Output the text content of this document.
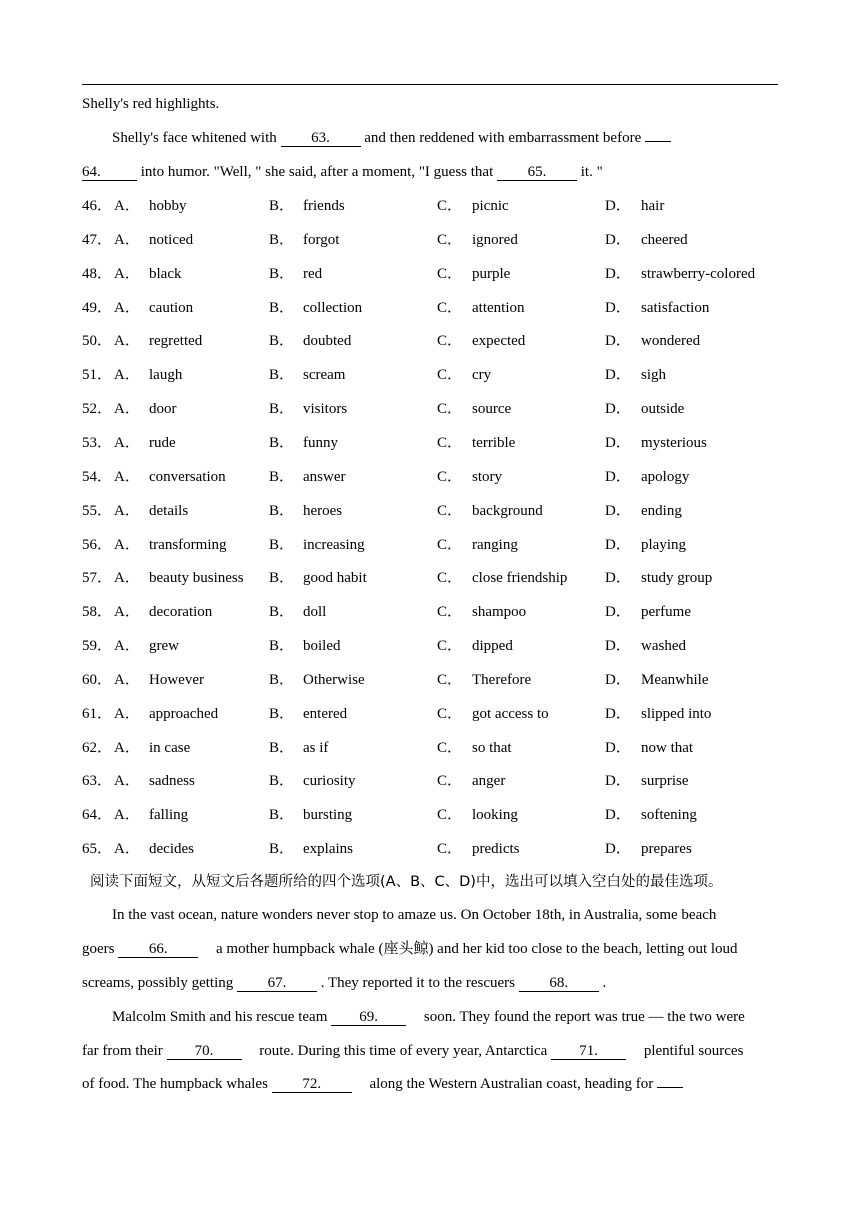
Shelly's red highlights.
Shelly's face whitened with 63. and then reddened with embarrassment before
64. into humor. "Well, " she said, after a moment, "I guess that 65. it. "
46． A． hobby	B． friends	C． picnic	D． hair
47． A． noticed	B． forgot	C． ignored	D． cheered
48． A． black	B． red	C． purple	D． strawberry-colored
49． A． caution	B． collection	C． attention	D． satisfaction
50． A． regretted	B． doubted	C． expected	D． wondered
51． A． laugh	B． scream	C． cry	D． sigh
52． A． door	B． visitors	C． source	D． outside
53． A． rude	B． funny	C． terrible	D． mysterious
54． A． conversation	B． answer	C． story	D． apology
55． A． details	B． heroes	C． background	D． ending
56． A． transforming	B． increasing	C． ranging	D． playing
57． A． beauty business B． good habit	C． close friendship	D． study group
58． A． decoration	B． doll	C． shampoo	D． perfume
59． A． grew	B． boiled	C． dipped	D． washed
60． A． However	B． Otherwise	C． Therefore	D． Meanwhile
61． A． approached	B． entered	C． got access to	D． slipped into
62． A． in case	B． as if	C． so that	D． now that
63． A． sadness	B． curiosity	C． anger	D． surprise
64． A． falling	B． bursting	C． looking	D． softening
65． A． decides	B． explains	C． predicts	D． prepares
阅读下面短文，从短文后各题所给的四个选项(A、B、C、D)中，选出可以填入空白处的最佳选项。
In the vast ocean, nature wonders never stop to amaze us. On October 18th, in Australia, some beach
goers 66.	a mother humpback whale (座头鲸) and her kid too close to the beach, letting out loud
screams, possibly getting 67. . They reported it to the rescuers 68. .
Malcolm Smith and his rescue team 69.	soon. They found the report was true — the two were
far from their 70.	route. During this time of every year, Antarctica 71.	plentiful sources
of food. The humpback whales 72.	along the Western Australian coast, heading for
